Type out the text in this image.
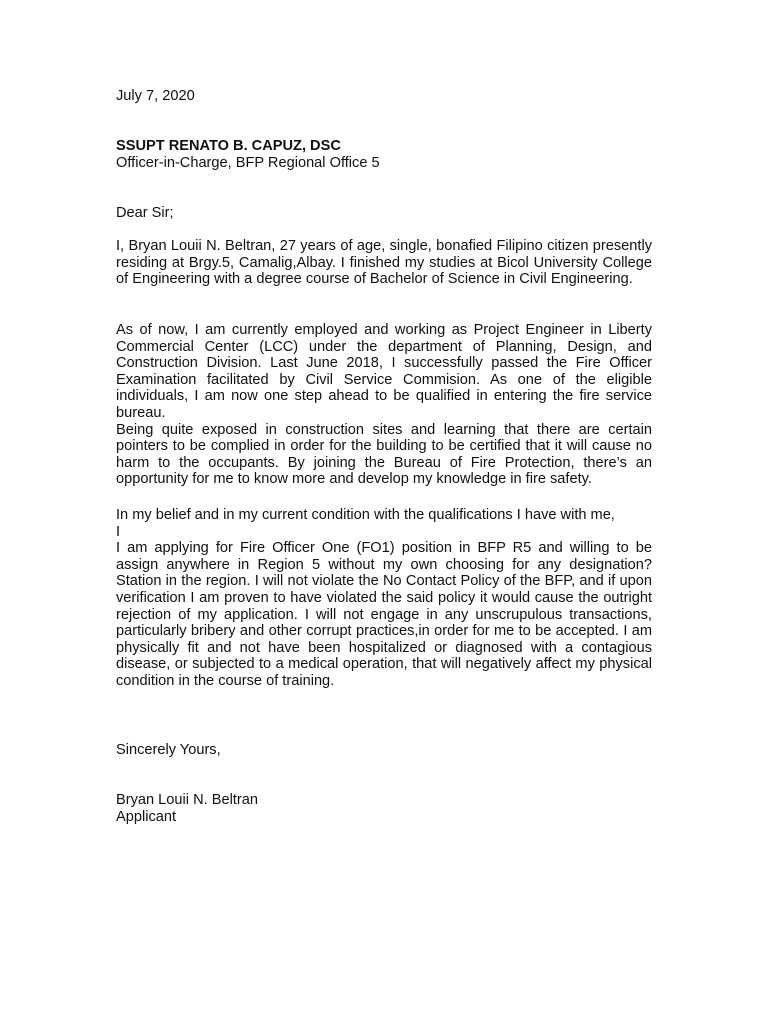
July 7, 2020
SSUPT RENATO B. CAPUZ, DSC
Officer-in-Charge, BFP Regional Office 5
Dear Sir;
I, Bryan Louii N. Beltran, 27 years of age, single, bonafied Filipino citizen presently residing at Brgy.5, Camalig,Albay. I finished my studies at Bicol University College of Engineering with a degree course of Bachelor of Science in Civil Engineering.
As of now, I am currently employed and working as Project Engineer in Liberty Commercial Center (LCC) under the department of Planning, Design, and Construction Division. Last June 2018, I successfully passed the Fire Officer Examination facilitated by Civil Service Commision. As one of the eligible individuals, I am now one step ahead to be qualified in entering the fire service bureau.
Being quite exposed in construction sites and learning that there are certain pointers to be complied in order for the building to be certified that it will cause no harm to the occupants. By joining the Bureau of Fire Protection, there’s an opportunity for me to know more and develop my knowledge in fire safety.
In my belief and in my current condition with the qualifications I have with me,
I
I am applying for Fire Officer One (FO1) position in BFP R5 and willing to be assign anywhere in Region 5 without my own choosing for any designation? Station in the region. I will not violate the No Contact Policy of the BFP, and if upon verification I am proven to have violated the said policy it would cause the outright rejection of my application. I will not engage in any unscrupulous transactions, particularly bribery and other corrupt practices,in order for me to be accepted. I am physically fit and not have been hospitalized or diagnosed with a contagious disease, or subjected to a medical operation, that will negatively affect my physical condition in the course of training.
Sincerely Yours,
Bryan Louii N. Beltran
Applicant
